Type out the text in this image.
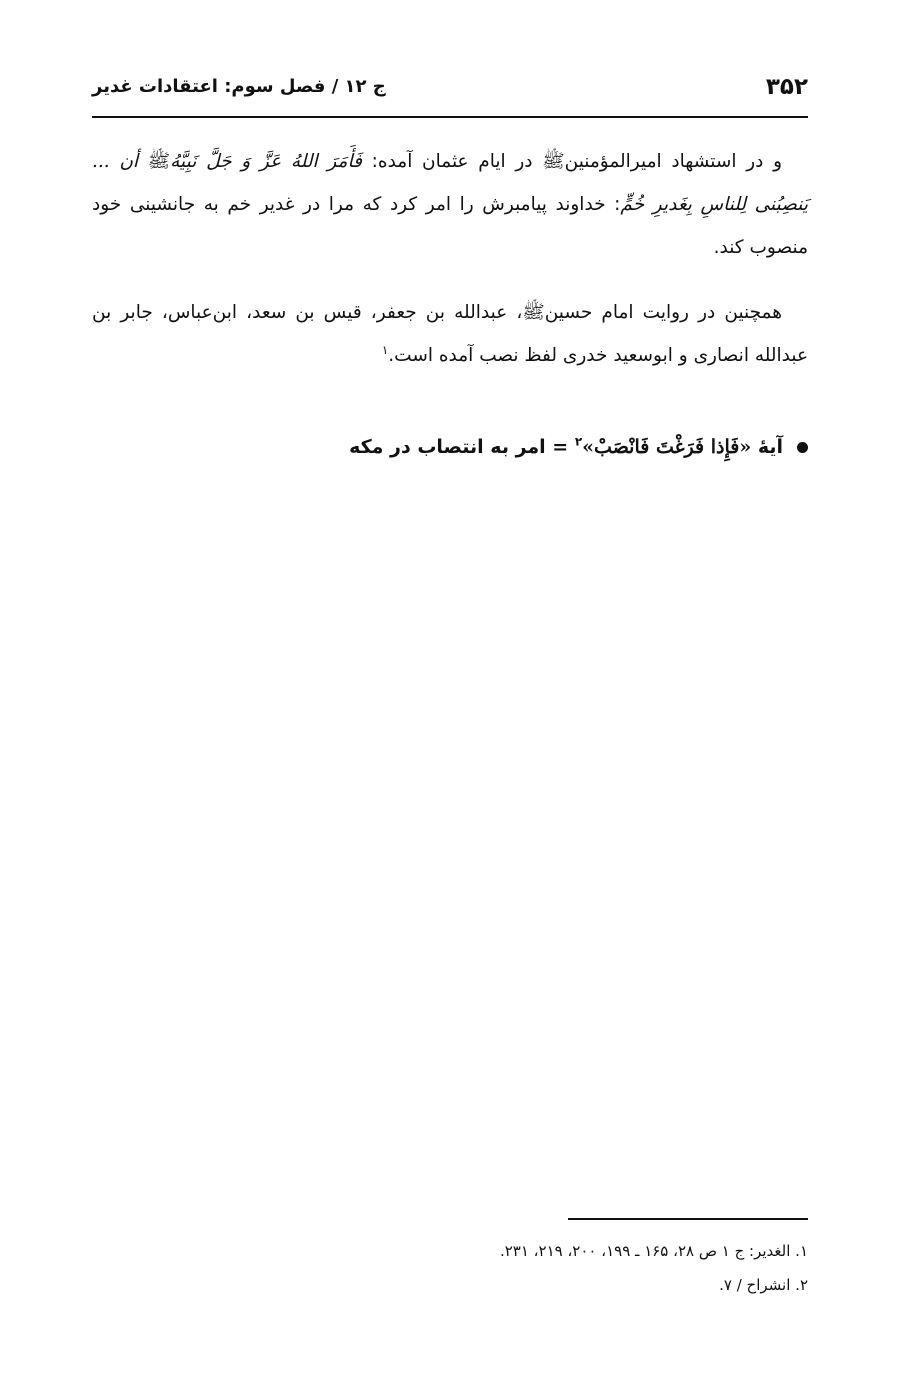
۳۵۲
ج ۱۲ / فصل سوم: اعتقادات غدیر

و در استشهاد امیرالمؤمنینﷺ در ایام عثمان آمده: فَأَمَرَ اللهُ عَزَّ وَ جَلَّ نَبِیَّهُﷺ أن ... یَنصِبُنی لِلناسِ بِغَدیرِ خُمٍّ: خداوند پیامبرش را امر کرد که مرا در غدیر خم به جانشینی خود منصوب کند.

همچنین در روایت امام حسینﷺ، عبدالله بن جعفر، قیس بن سعد، ابن‌عباس، جابر بن عبدالله انصاری و ابوسعید خدری لفظ نصب آمده است.$^۱$

آیهٔ «فَإِذا فَرَغْتَ فَانْصَبْ»$^۲$ = امر به انتصاب در مکه

۱. الغدیر: ج ۱ ص ۲۸، ۱۶۵ ـ ۱۹۹، ۲۰۰، ۲۱۹، ۲۳۱.

۲. انشراح / ۷.
